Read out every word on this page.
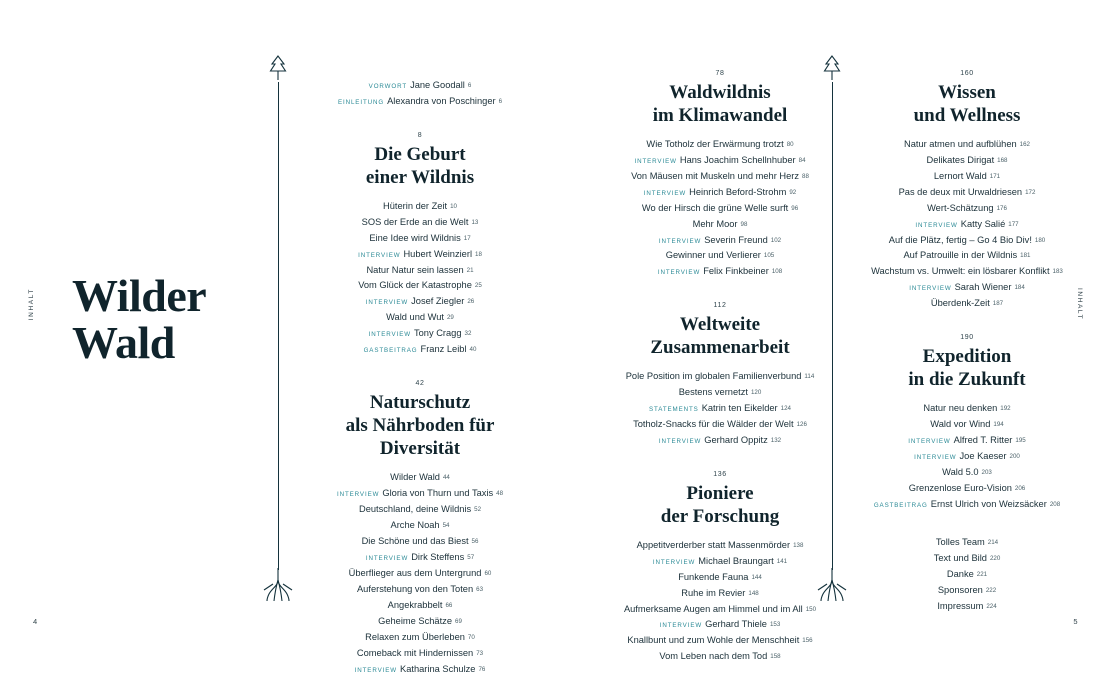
INHALT	INHALT
4	5
Wilder
Wald
VORWORT Jane Goodall 6
EINLEITUNG Alexandra von Poschinger 6
8
Die Geburt
einer Wildnis
Hüterin der Zeit 10
SOS der Erde an die Welt 13
Eine Idee wird Wildnis 17
INTERVIEW Hubert Weinzierl 18
Natur Natur sein lassen 21
Vom Glück der Katastrophe 25
INTERVIEW Josef Ziegler 26
Wald und Wut 29
INTERVIEW Tony Cragg 32
GASTBEITRAG Franz Leibl 40
42
Naturschutz
als Nährboden für
Diversität
Wilder Wald 44
INTERVIEW Gloria von Thurn und Taxis 48
Deutschland, deine Wildnis 52
Arche Noah 54
Die Schöne und das Biest 56
INTERVIEW Dirk Steffens 57
Überflieger aus dem Untergrund 60
Auferstehung von den Toten 63
Angekrabbelt 66
Geheime Schätze 69
Relaxen zum Überleben 70
Comeback mit Hindernissen 73
INTERVIEW Katharina Schulze 76
78
Waldwildnis
im Klimawandel
Wie Totholz der Erwärmung trotzt 80
INTERVIEW Hans Joachim Schellnhuber 84
Von Mäusen mit Muskeln und mehr Herz 88
INTERVIEW Heinrich Beford-Strohm 92
Wo der Hirsch die grüne Welle surft 96
Mehr Moor 98
INTERVIEW Severin Freund 102
Gewinner und Verlierer 105
INTERVIEW Felix Finkbeiner 108
112
Weltweite
Zusammenarbeit
Pole Position im globalen Familienverbund 114
Bestens vernetzt 120
STATEMENTS Katrin ten Eikelder 124
Totholz-Snacks für die Wälder der Welt 126
INTERVIEW Gerhard Oppitz 132
136
Pioniere
der Forschung
Appetitverderber statt Massenmörder 138
INTERVIEW Michael Braungart 141
Funkende Fauna 144
Ruhe im Revier 148
Aufmerksame Augen am Himmel und im All 150
INTERVIEW Gerhard Thiele 153
Knallbunt und zum Wohle der Menschheit 156
Vom Leben nach dem Tod 158
160
Wissen
und Wellness
Natur atmen und aufblühen 162
Delikates Dirigat 168
Lernort Wald 171
Pas de deux mit Urwaldriesen 172
Wert-Schätzung 176
INTERVIEW Katty Salié 177
Auf die Plätz, fertig – Go 4 Bio Div! 180
Auf Patrouille in der Wildnis 181
Wachstum vs. Umwelt: ein lösbarer Konflikt 183
INTERVIEW Sarah Wiener 184
Überdenk-Zeit 187
190
Expedition
in die Zukunft
Natur neu denken 192
Wald vor Wind 194
INTERVIEW Alfred T. Ritter 195
INTERVIEW Joe Kaeser 200
Wald 5.0 203
Grenzenlose Euro-Vision 206
GASTBEITRAG Ernst Ulrich von Weizsäcker 208
Tolles Team 214
Text und Bild 220
Danke 221
Sponsoren 222
Impressum 224
